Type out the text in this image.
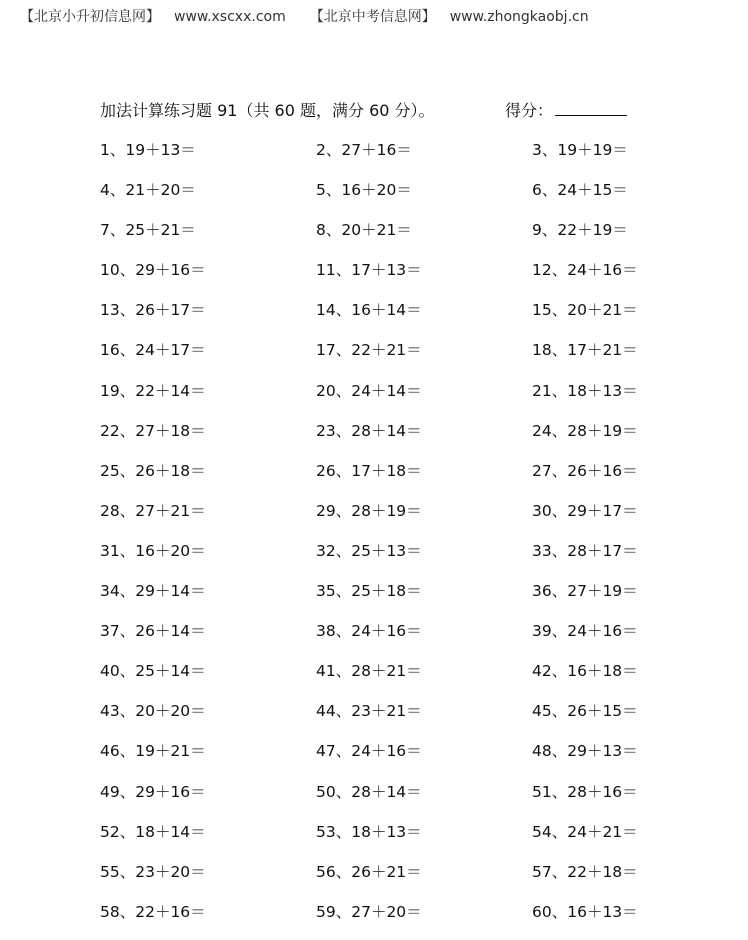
【北京小升初信息网】 www.xscxx.com 【北京中考信息网】 www.zhongkaobj.cn
加法计算练习题 91（共 60 题，满分 60 分）。	得分：
1、19＋13＝	2、27＋16＝	3、19＋19＝
4、21＋20＝	5、16＋20＝	6、24＋15＝
7、25＋21＝	8、20＋21＝	9、22＋19＝
10、29＋16＝	11、17＋13＝	12、24＋16＝
13、26＋17＝	14、16＋14＝	15、20＋21＝
16、24＋17＝	17、22＋21＝	18、17＋21＝
19、22＋14＝	20、24＋14＝	21、18＋13＝
22、27＋18＝	23、28＋14＝	24、28＋19＝
25、26＋18＝	26、17＋18＝	27、26＋16＝
28、27＋21＝	29、28＋19＝	30、29＋17＝
31、16＋20＝	32、25＋13＝	33、28＋17＝
34、29＋14＝	35、25＋18＝	36、27＋19＝
37、26＋14＝	38、24＋16＝	39、24＋16＝
40、25＋14＝	41、28＋21＝	42、16＋18＝
43、20＋20＝	44、23＋21＝	45、26＋15＝
46、19＋21＝	47、24＋16＝	48、29＋13＝
49、29＋16＝	50、28＋14＝	51、28＋16＝
52、18＋14＝	53、18＋13＝	54、24＋21＝
55、23＋20＝	56、26＋21＝	57、22＋18＝
58、22＋16＝	59、27＋20＝	60、16＋13＝
